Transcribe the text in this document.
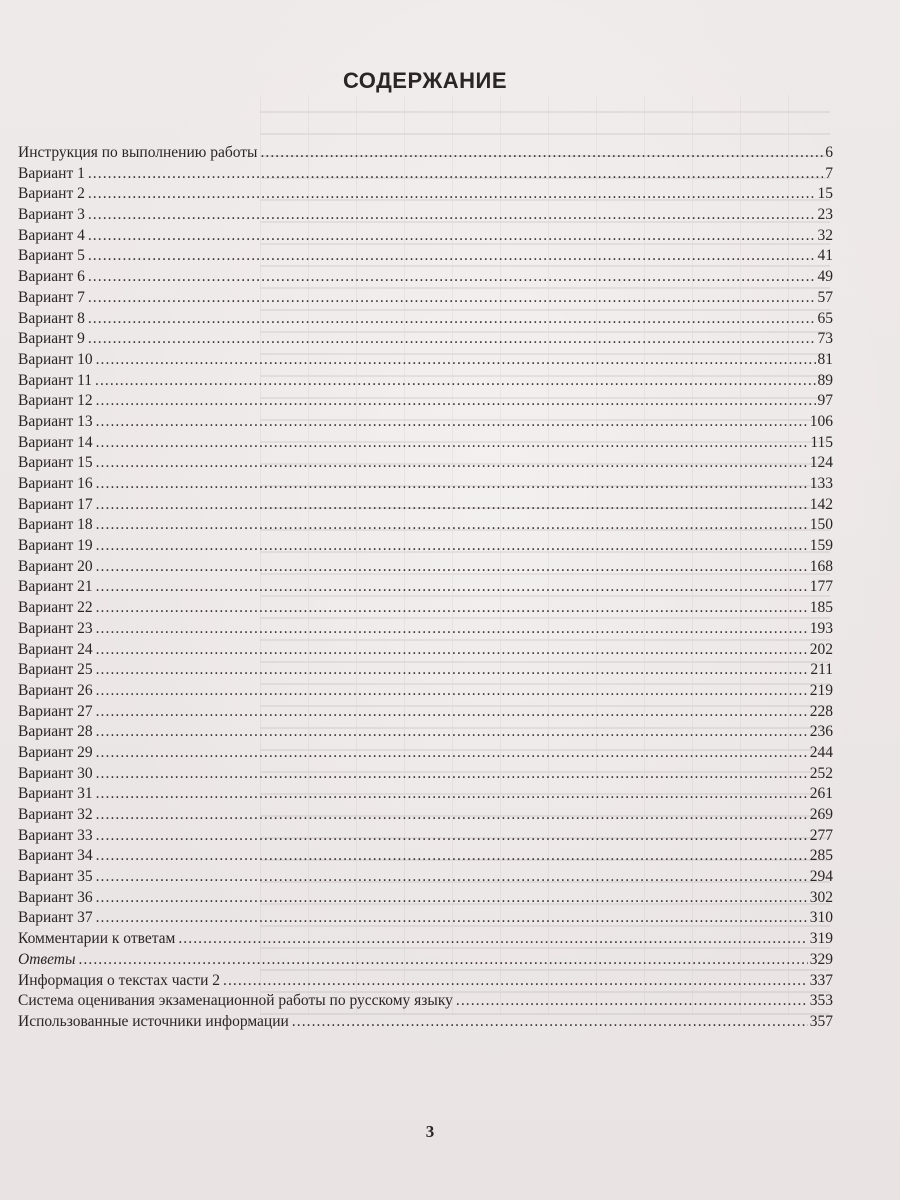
СОДЕРЖАНИЕ
Инструкция по выполнению работы . . .	6
Вариант 1 . . .	7
Вариант 2 . . .	15
Вариант 3 . . .	23
Вариант 4 . . .	32
Вариант 5 . . .	41
Вариант 6 . . .	49
Вариант 7 . . .	57
Вариант 8 . . .	65
Вариант 9 . . .	73
Вариант 10 . . .	81
Вариант 11 . . .	89
Вариант 12 . . .	97
Вариант 13 . . .	106
Вариант 14 . . .	115
Вариант 15 . . .	124
Вариант 16 . . .	133
Вариант 17 . . .	142
Вариант 18 . . .	150
Вариант 19 . . .	159
Вариант 20 . . .	168
Вариант 21 . . .	177
Вариант 22 . . .	185
Вариант 23 . . .	193
Вариант 24 . . .	202
Вариант 25 . . .	211
Вариант 26 . . .	219
Вариант 27 . . .	228
Вариант 28 . . .	236
Вариант 29 . . .	244
Вариант 30 . . .	252
Вариант 31 . . .	261
Вариант 32 . . .	269
Вариант 33 . . .	277
Вариант 34 . . .	285
Вариант 35 . . .	294
Вариант 36 . . .	302
Вариант 37 . . .	310
Комментарии к ответам . . .	319
Ответы . . .	329
Информация о текстах части 2 . . .	337
Система оценивания экзаменационной работы по русскому языку . . .	353
Использованные источники информации . . .	357
3
